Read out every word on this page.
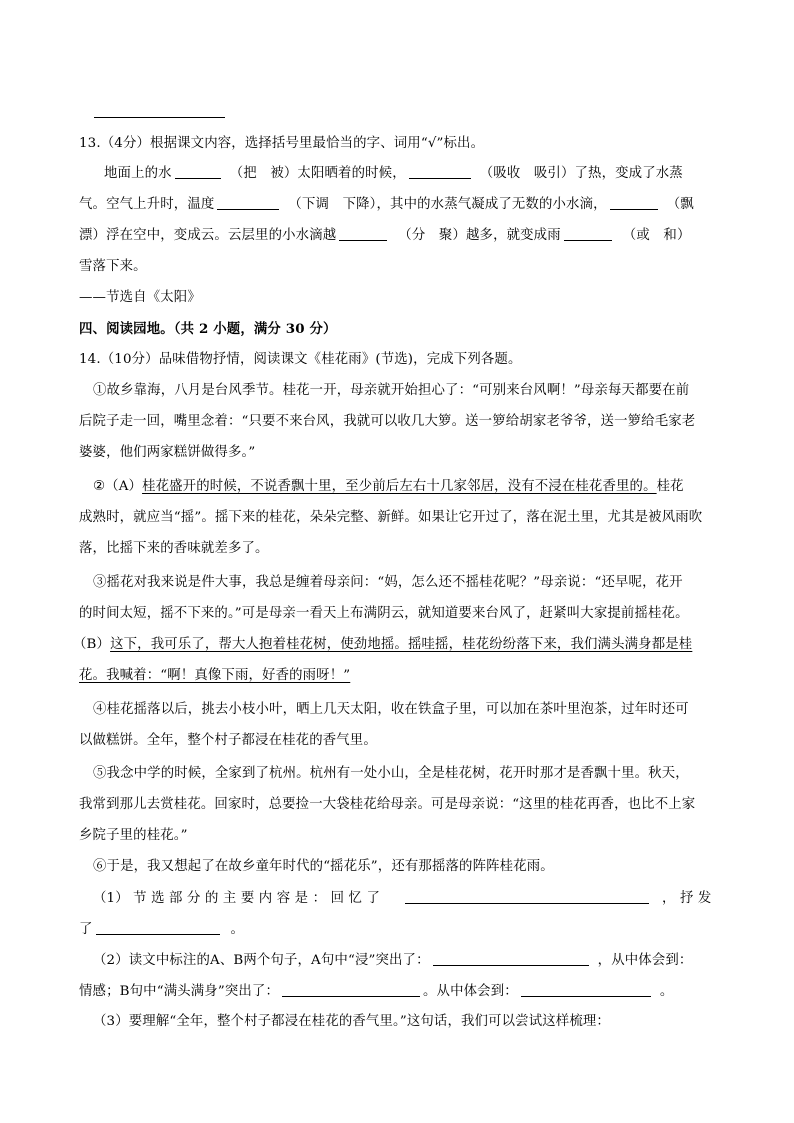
13.（4分）根据课文内容，选择括号里最恰当的字、词用“√”标出。
地面上的水	（把　被）太阳晒着的时候，	（吸收　吸引）了热，变成了水蒸
气。空气上升时，温度	（下调　下降），其中的水蒸气凝成了无数的小水滴，	（飘
漂）浮在空中，变成云。云层里的小水滴越	（分　聚）越多，就变成雨	（或　和）
雪落下来。
——节选自《太阳》
四、阅读园地。（共 2 小题，满分 30 分）
14.（10分）品味借物抒情，阅读课文《桂花雨》(节选)，完成下列各题。
①故乡靠海，八月是台风季节。桂花一开，母亲就开始担心了：“可别来台风啊！”母亲每天都要在前
后院子走一回，嘴里念着：“只要不来台风，我就可以收几大箩。送一箩给胡家老爷爷，送一箩给毛家老
婆婆，他们两家糕饼做得多。”
②（A）桂花盛开的时候，不说香飘十里，至少前后左右十几家邻居，没有不浸在桂花香里的。桂花
成熟时，就应当“摇”。摇下来的桂花，朵朵完整、新鲜。如果让它开过了，落在泥土里，尤其是被风雨吹
落，比摇下来的香味就差多了。
③摇花对我来说是件大事，我总是缠着母亲问：“妈，怎么还不摇桂花呢？”母亲说：“还早呢，花开
的时间太短，摇不下来的。”可是母亲一看天上布满阴云，就知道要来台风了，赶紧叫大家提前摇桂花。
（B）这下，我可乐了，帮大人抱着桂花树，使劲地摇。摇哇摇，桂花纷纷落下来，我们满头满身都是桂
花。我喊着：“啊！真像下雨，好香的雨呀！”
④桂花摇落以后，挑去小枝小叶，晒上几天太阳，收在铁盒子里，可以加在茶叶里泡茶，过年时还可
以做糕饼。全年，整个村子都浸在桂花的香气里。
⑤我念中学的时候，全家到了杭州。杭州有一处小山，全是桂花树，花开时那才是香飘十里。秋天，
我常到那儿去赏桂花。回家时，总要捡一大袋桂花给母亲。可是母亲说：“这里的桂花再香，也比不上家
乡院子里的桂花。”
⑥于是，我又想起了在故乡童年时代的“摇花乐”，还有那摇落的阵阵桂花雨。
（1） 节 选 部 分 的 主 要 内 容 是 ： 回 忆 了	， 抒 发
了	。
（2）读文中标注的A、B两个句子，A句中“浸”突出了：	，从中体会到：
情感；B句中“满头满身”突出了：	。从中体会到：	。
（3）要理解“全年，整个村子都浸在桂花的香气里。”这句话，我们可以尝试这样梳理：
